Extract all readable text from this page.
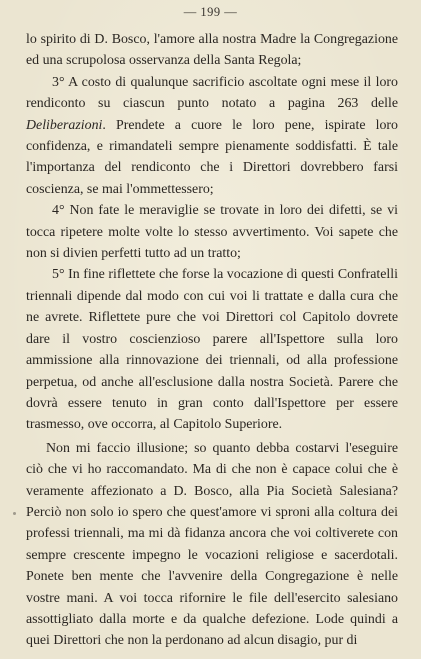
— 199 —

lo spirito di D. Bosco, l'amore alla nostra Madre la Congregazione ed una scrupolosa osservanza della Santa Regola;

3° A costo di qualunque sacrificio ascoltate ogni mese il loro rendiconto su ciascun punto notato a pagina 263 delle Deliberazioni. Prendete a cuore le loro pene, ispirate loro confidenza, e rimandateli sempre pienamente soddisfatti. È tale l'importanza del rendiconto che i Direttori dovrebbero farsi coscienza, se mai l'ommettessero;

4° Non fate le meraviglie se trovate in loro dei difetti, se vi tocca ripetere molte volte lo stesso avvertimento. Voi sapete che non si divien perfetti tutto ad un tratto;

5° In fine riflettete che forse la vocazione di questi Confratelli triennali dipende dal modo con cui voi li trattate e dalla cura che ne avrete. Riflettete pure che voi Direttori col Capitolo dovrete dare il vostro coscienzioso parere all'Ispettore sulla loro ammissione alla rinnovazione dei triennali, od alla professione perpetua, od anche all'esclusione dalla nostra Società. Parere che dovrà essere tenuto in gran conto dall'Ispettore per essere trasmesso, ove occorra, al Capitolo Superiore.

Non mi faccio illusione; so quanto debba costarvi l'eseguire ciò che vi ho raccomandato. Ma di che non è capace colui che è veramente affezionato a D. Bosco, alla Pia Società Salesiana? Perciò non solo io spero che quest'amore vi sproni alla coltura dei professi triennali, ma mi dà fidanza ancora che voi coltiverete con sempre crescente impegno le vocazioni religiose e sacerdotali. Ponete ben mente che l'avvenire della Congregazione è nelle vostre mani. A voi tocca rifornire le file dell'esercito salesiano assottigliato dalla morte e da qualche defezione. Lode quindi a quei Direttori che non la perdonano ad alcun disagio, pur di
